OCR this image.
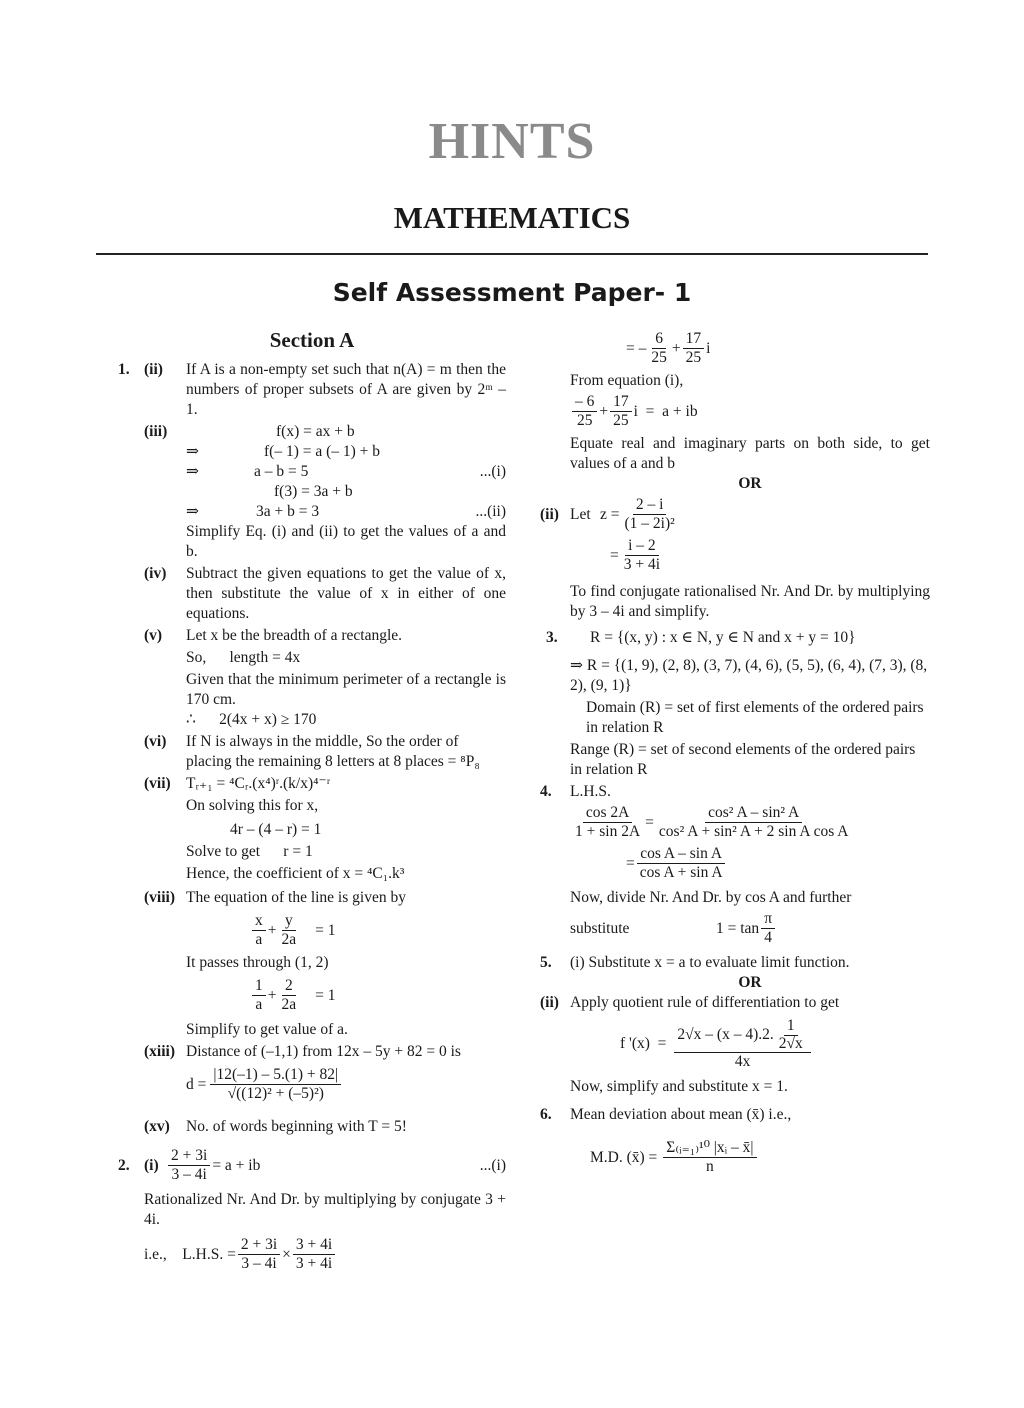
HINTS
MATHEMATICS
Self Assessment Paper- 1
Section A
1. (ii) If A is a non-empty set such that n(A) = m then the numbers of proper subsets of A are given by 2ᵐ – 1.
(iii)	f(x) = ax + b
⇒	f(– 1) = a (– 1) + b
⇒	a – b = 5	...(i)
f(3) = 3a + b
⇒	3a + b = 3	...(ii)
Simplify Eq. (i) and (ii) to get the values of a and b.
(iv) Subtract the given equations to get the value of x, then substitute the value of x in either of one equations.
(v) Let x be the breadth of a rectangle.
So,      length = 4x
Given that the minimum perimeter of a rectangle is 170 cm.
∴      2(4x + x) ≥ 170
(vi) If N is always in the middle, So the order of placing the remaining 8 letters at 8 places = ⁸P₈
(vii) Tᵣ₊₁ = ⁴Cᵣ.(x⁴)ʳ.(k/x)⁴⁻ʳ
On solving this for x,
4r – (4 – r) = 1
Solve to get      r = 1
Hence, the coefficient of x = ⁴C₁.k³
(viii) The equation of the line is given by
$\frac{x}{a} + \frac{y}{2a} = 1$
It passes through (1, 2)
$\frac{1}{a} + \frac{2}{2a} = 1$
Simplify to get value of a.
(xiii) Distance of (–1,1) from 12x – 5y + 82 = 0 is
$d = \frac{|12(-1) - 5.(1) + 82|}{\text{√((12)² + (–5)²)}}$
(xv) No. of words beginning with T = 5!
2. $(i) \frac{2 + 3i}{3 - 4i} = a$ + ib	...(i)
Rationalized Nr. And Dr. by multiplying by conjugate 3 + 4i.
i.e.,    L.H.S. = $\frac{2 + 3i}{3 - 4i} \times \frac{3 + 4i}{3 + 4i}$
= – $\frac{6}{25} + \frac{17}{25}$ i
From equation (i),
$\frac{- 6}{25} + \frac{17}{25}$ i  =  a + ib
Equate real and imaginary parts on both side, to get values of a and b
OR
(ii) Let $z = \frac{2 - i}{\text{(1 – 2i)²}}$
= $\frac{i - 2}{3 + 4i}$
To find conjugate rationalised Nr. And Dr. by multiplying by 3 – 4i and simplify.
3.	R = {(x, y) : x ∈ N, y ∈ N and x + y = 10}
⇒ R = {(1, 9), (2, 8), (3, 7), (4, 6), (5, 5), (6, 4), (7, 3), (8, 2), (9, 1)}
Domain (R) = set of first elements of the ordered pairs in relation R
Range (R) = set of second elements of the ordered pairs in relation R
4. L.H.S.
$\frac{\cos 2A}{1 + \sin 2A} = \frac{\text{cos² A – sin² A}}{\text{cos² A + sin² A + 2 sin A cos A}}$
= $\frac{\text{cos A – sin A}}{\text{cos A + sin A}}$
Now, divide Nr. And Dr. by cos A and further
substitute	$1 = \tan \frac{\pi}{4}$
5. (i) Substitute x = a to evaluate limit function.
OR
(ii) Apply quotient rule of differentiation to get
f '$(x) = \frac{2√x - (x - 4).2. \frac{1}{2√x}}{4x}$
Now, simplify and substitute x = 1.
6. Mean deviation about mean (x̄) i.e.,
M.D. (x̄) = $\frac{\text{Σ₍ᵢ₌₁₎¹⁰ |xᵢ – x̄|}}{n}$
